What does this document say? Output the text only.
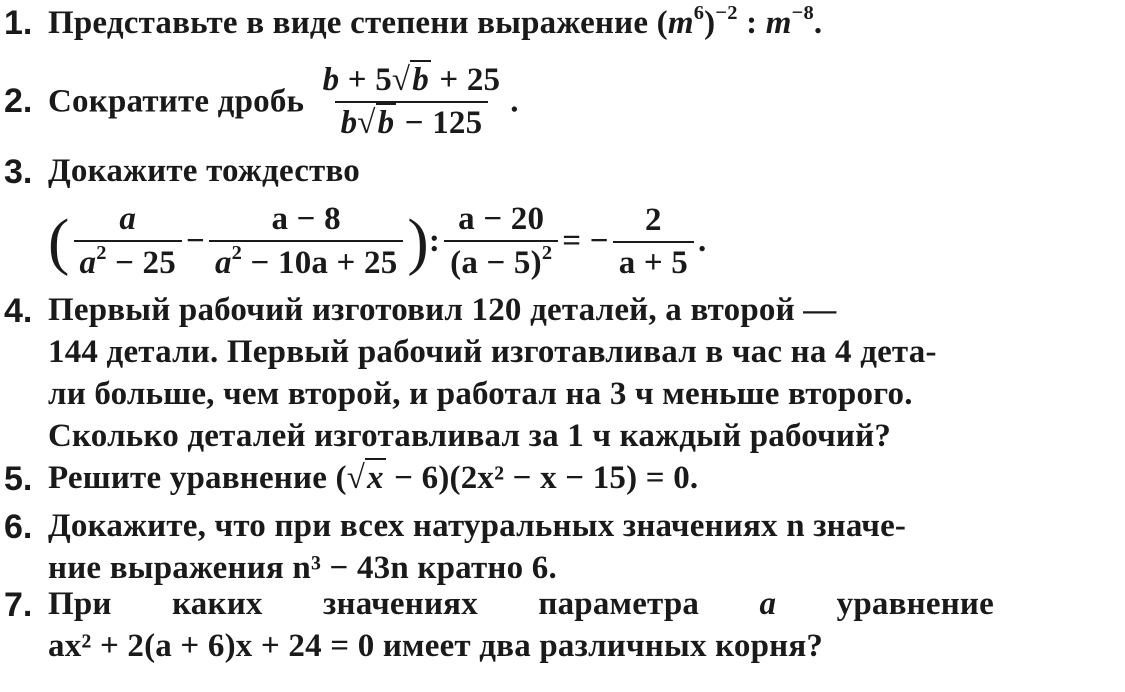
1. Представьте в виде степени выражение $(m^6)^{-2}$ : $m^{-8}$.
2. Сократите дробь $\frac{b + 5√b + 25}{b√b - 125}$ .
3. Докажите тождество
( $\frac{a}{a^2 - 25} - \frac{a - 8}{a^2 - 10a + 25}$ ): $\frac{a - 20}{(a - 5)^2}$ = − $\frac{2}{a + 5}$ .
4. Первый рабочий изготовил 120 деталей, а второй —
144 детали. Первый рабочий изготавливал в час на 4 дета-
ли больше, чем второй, и работал на 3 ч меньше второго.
Сколько деталей изготавливал за 1 ч каждый рабочий?
5. Решите уравнение (√x − 6)(2x² − x − 15) = 0.
6. Докажите, что при всех натуральных значениях n значе-
ние выражения n³ − 43n кратно 6.
7. При каких значениях параметра a уравнение
ax² + 2(a + 6)x + 24 = 0 имеет два различных корня?
